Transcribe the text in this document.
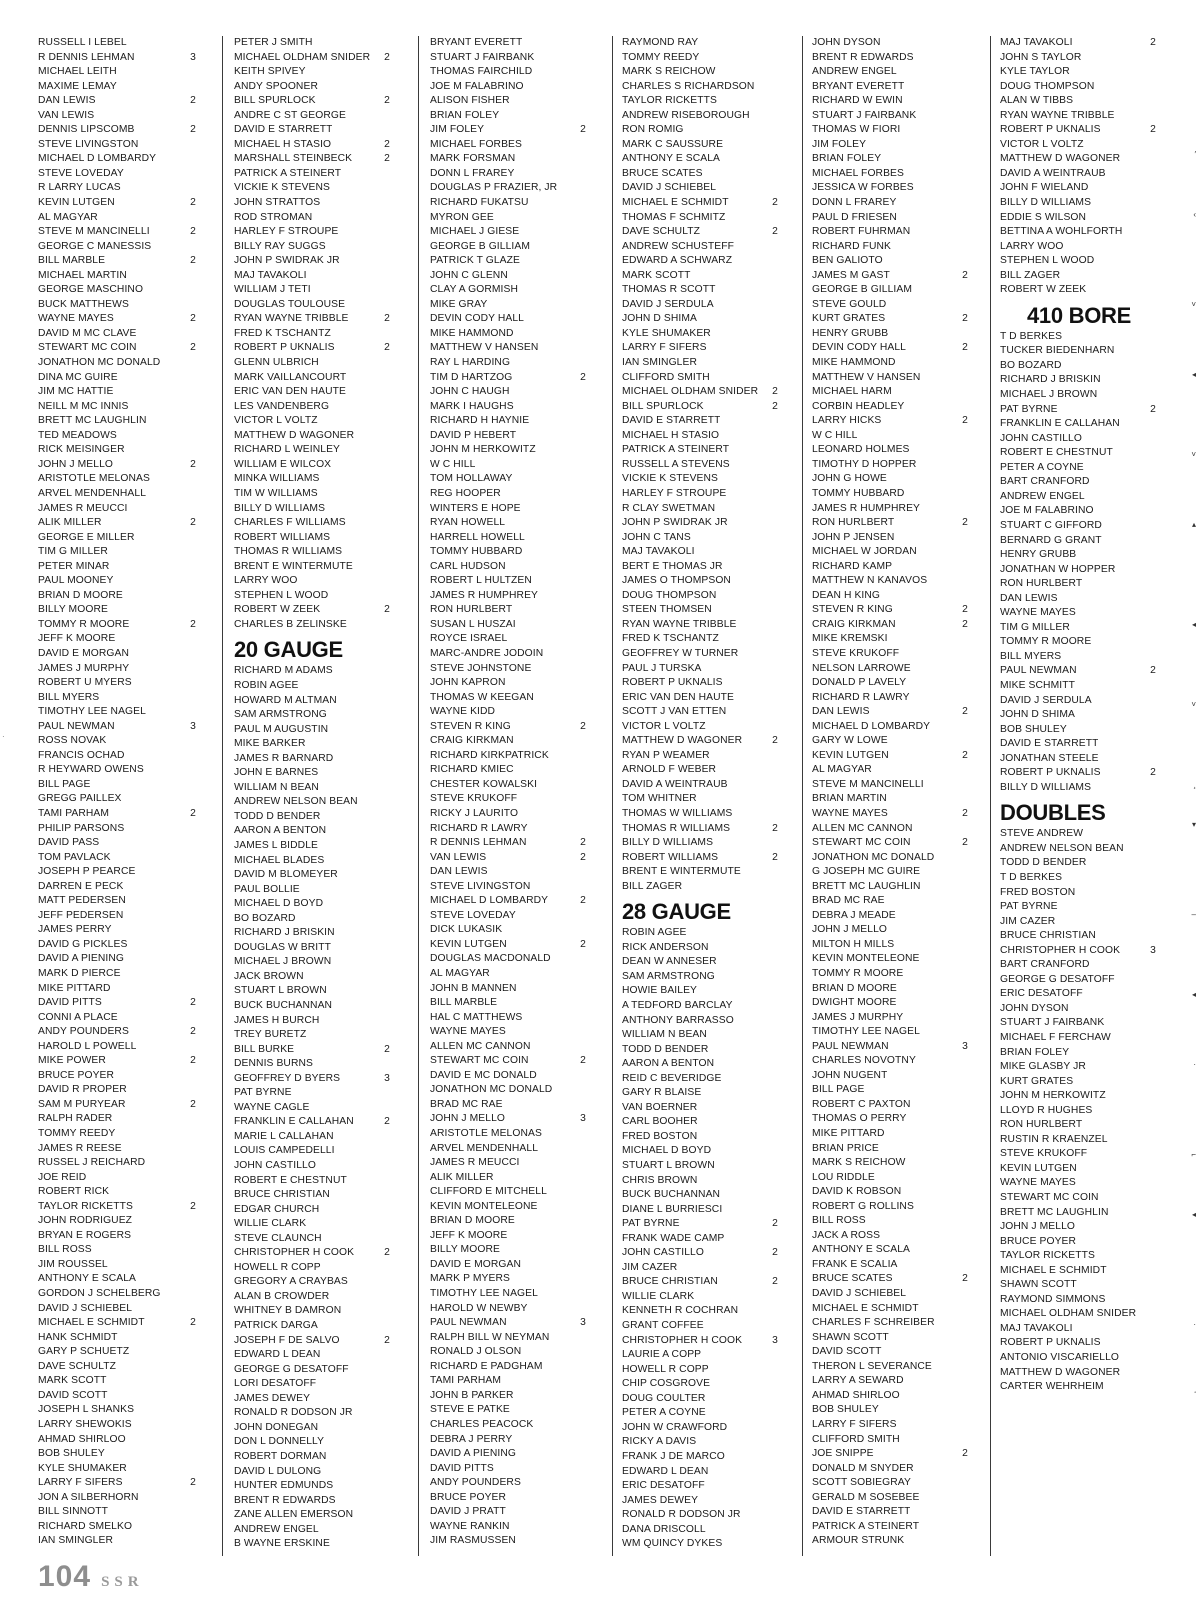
RUSSELL I LEBEL
R DENNIS LEHMAN	3
MICHAEL LEITH
MAXIME LEMAY
DAN LEWIS	2
VAN LEWIS
DENNIS LIPSCOMB	2
STEVE LIVINGSTON
MICHAEL D LOMBARDY
STEVE LOVEDAY
R LARRY LUCAS
KEVIN LUTGEN	2
AL MAGYAR
STEVE M MANCINELLI	2
GEORGE C MANESSIS
BILL MARBLE	2
MICHAEL MARTIN
GEORGE MASCHINO
BUCK MATTHEWS
WAYNE MAYES	2
DAVID M MC CLAVE
STEWART MC COIN	2
JONATHON MC DONALD
DINA MC GUIRE
JIM MC HATTIE
NEILL M MC INNIS
BRETT MC LAUGHLIN
TED MEADOWS
RICK MEISINGER
JOHN J MELLO	2
ARISTOTLE MELONAS
ARVEL MENDENHALL
JAMES R MEUCCI
ALIK MILLER	2
GEORGE E MILLER
TIM G MILLER
PETER MINAR
PAUL MOONEY
BRIAN D MOORE
BILLY MOORE
TOMMY R MOORE	2
JEFF K MOORE
DAVID E MORGAN
JAMES J MURPHY
ROBERT U MYERS
BILL MYERS
TIMOTHY LEE NAGEL
PAUL NEWMAN	3
ROSS NOVAK
FRANCIS OCHAD
R HEYWARD OWENS
BILL PAGE
GREGG PAILLEX
TAMI PARHAM	2
PHILIP PARSONS
DAVID PASS
TOM PAVLACK
JOSEPH P PEARCE
DARREN E PECK
MATT PEDERSEN
JEFF PEDERSEN
JAMES PERRY
DAVID G PICKLES
DAVID A PIENING
MARK D PIERCE
MIKE PITTARD
DAVID PITTS	2
CONNI A PLACE
ANDY POUNDERS	2
HAROLD L POWELL
MIKE POWER	2
BRUCE POYER
DAVID R PROPER
SAM M PURYEAR	2
RALPH RADER
TOMMY REEDY
JAMES R REESE
RUSSEL J REICHARD
JOE REID
ROBERT RICK
TAYLOR RICKETTS	2
JOHN RODRIGUEZ
BRYAN E ROGERS
BILL ROSS
JIM ROUSSEL
ANTHONY E SCALA
GORDON J SCHELBERG
DAVID J SCHIEBEL
MICHAEL E SCHMIDT	2
HANK SCHMIDT
GARY P SCHUETZ
DAVE SCHULTZ
MARK SCOTT
DAVID SCOTT
JOSEPH L SHANKS
LARRY SHEWOKIS
AHMAD SHIRLOO
BOB SHULEY
KYLE SHUMAKER
LARRY F SIFERS	2
JON A SILBERHORN
BILL SINNOTT
RICHARD SMELKO
IAN SMINGLER
PETER J SMITH
MICHAEL OLDHAM SNIDER	2
KEITH SPIVEY
ANDY SPOONER
BILL SPURLOCK	2
ANDRE C ST GEORGE
DAVID E STARRETT
MICHAEL H STASIO	2
MARSHALL STEINBECK	2
PATRICK A STEINERT
VICKIE K STEVENS
JOHN STRATTOS
ROD STROMAN
HARLEY F STROUPE
BILLY RAY SUGGS
JOHN P SWIDRAK JR
MAJ TAVAKOLI
WILLIAM J TETI
DOUGLAS TOULOUSE
RYAN WAYNE TRIBBLE	2
FRED K TSCHANTZ
ROBERT P UKNALIS	2
GLENN ULBRICH
MARK VAILLANCOURT
ERIC VAN DEN HAUTE
LES VANDENBERG
VICTOR L VOLTZ
MATTHEW D WAGONER
RICHARD L WEINLEY
WILLIAM E WILCOX
MINKA WILLIAMS
TIM W WILLIAMS
BILLY D WILLIAMS
CHARLES F WILLIAMS
ROBERT WILLIAMS
THOMAS R WILLIAMS
BRENT E WINTERMUTE
LARRY WOO
STEPHEN L WOOD
ROBERT W ZEEK	2
CHARLES B ZELINSKE
20 GAUGE
RICHARD M ADAMS
ROBIN AGEE
HOWARD M ALTMAN
SAM ARMSTRONG
PAUL M AUGUSTIN
MIKE BARKER
JAMES R BARNARD
JOHN E BARNES
WILLIAM N BEAN
ANDREW NELSON BEAN
TODD D BENDER
AARON A BENTON
JAMES L BIDDLE
MICHAEL BLADES
DAVID M BLOMEYER
PAUL BOLLIE
MICHAEL D BOYD
BO BOZARD
RICHARD J BRISKIN
DOUGLAS W BRITT
MICHAEL J BROWN
JACK BROWN
STUART L BROWN
BUCK BUCHANNAN
JAMES H BURCH
TREY BURETZ
BILL BURKE	2
DENNIS BURNS
GEOFFREY D BYERS	3
PAT BYRNE
WAYNE CAGLE
FRANKLIN E CALLAHAN	2
MARIE L CALLAHAN
LOUIS CAMPEDELLI
JOHN CASTILLO
ROBERT E CHESTNUT
BRUCE CHRISTIAN
EDGAR CHURCH
WILLIE CLARK
STEVE CLAUNCH
CHRISTOPHER H COOK	2
HOWELL R COPP
GREGORY A CRAYBAS
ALAN B CROWDER
WHITNEY B DAMRON
PATRICK DARGA
JOSEPH F DE SALVO	2
EDWARD L DEAN
GEORGE G DESATOFF
LORI DESATOFF
JAMES DEWEY
RONALD R DODSON JR
JOHN DONEGAN
DON L DONNELLY
ROBERT DORMAN
DAVID L DULONG
HUNTER EDMUNDS
BRENT R EDWARDS
ZANE ALLEN EMERSON
ANDREW ENGEL
B WAYNE ERSKINE
BRYANT EVERETT
STUART J FAIRBANK
THOMAS FAIRCHILD
JOE M FALABRINO
ALISON FISHER
BRIAN FOLEY
JIM FOLEY	2
MICHAEL FORBES
MARK FORSMAN
DONN L FRAREY
DOUGLAS P FRAZIER, JR
RICHARD FUKATSU
MYRON GEE
MICHAEL J GIESE
GEORGE B GILLIAM
PATRICK T GLAZE
JOHN C GLENN
CLAY A GORMISH
MIKE GRAY
DEVIN CODY HALL
MIKE HAMMOND
MATTHEW V HANSEN
RAY L HARDING
TIM D HARTZOG	2
JOHN C HAUGH
MARK I HAUGHS
RICHARD H HAYNIE
DAVID P HEBERT
JOHN M HERKOWITZ
W C HILL
TOM HOLLAWAY
REG HOOPER
WINTERS E HOPE
RYAN HOWELL
HARRELL HOWELL
TOMMY HUBBARD
CARL HUDSON
ROBERT L HULTZEN
JAMES R HUMPHREY
RON HURLBERT
SUSAN L HUSZAI
ROYCE ISRAEL
MARC-ANDRE JODOIN
STEVE JOHNSTONE
JOHN KAPRON
THOMAS W KEEGAN
WAYNE KIDD
STEVEN R KING	2
CRAIG KIRKMAN
RICHARD KIRKPATRICK
RICHARD KMIEC
CHESTER KOWALSKI
STEVE KRUKOFF
RICKY J LAURITO
RICHARD R LAWRY
R DENNIS LEHMAN	2
VAN LEWIS	2
DAN LEWIS
STEVE LIVINGSTON
MICHAEL D LOMBARDY	2
STEVE LOVEDAY
DICK LUKASIK
KEVIN LUTGEN	2
DOUGLAS MACDONALD
AL MAGYAR
JOHN B MANNEN
BILL MARBLE
HAL C MATTHEWS
WAYNE MAYES
ALLEN MC CANNON
STEWART MC COIN	2
DAVID E MC DONALD
JONATHON MC DONALD
BRAD MC RAE
JOHN J MELLO	3
ARISTOTLE MELONAS
ARVEL MENDENHALL
JAMES R MEUCCI
ALIK MILLER
CLIFFORD E MITCHELL
KEVIN MONTELEONE
BRIAN D MOORE
JEFF K MOORE
BILLY MOORE
DAVID E MORGAN
MARK P MYERS
TIMOTHY LEE NAGEL
HAROLD W NEWBY
PAUL NEWMAN	3
RALPH BILL W NEYMAN
RONALD J OLSON
RICHARD E PADGHAM
TAMI PARHAM
JOHN B PARKER
STEVE E PATKE
CHARLES PEACOCK
DEBRA J PERRY
DAVID A PIENING
DAVID PITTS
ANDY POUNDERS
BRUCE POYER
DAVID J PRATT
WAYNE RANKIN
JIM RASMUSSEN
RAYMOND RAY
TOMMY REEDY
MARK S REICHOW
CHARLES S RICHARDSON
TAYLOR RICKETTS
ANDREW RISEBOROUGH
RON ROMIG
MARK C SAUSSURE
ANTHONY E SCALA
BRUCE SCATES
DAVID J SCHIEBEL
MICHAEL E SCHMIDT	2
THOMAS F SCHMITZ
DAVE SCHULTZ	2
ANDREW SCHUSTEFF
EDWARD A SCHWARZ
MARK SCOTT
THOMAS R SCOTT
DAVID J SERDULA
JOHN D SHIMA
KYLE SHUMAKER
LARRY F SIFERS
IAN SMINGLER
CLIFFORD SMITH
MICHAEL OLDHAM SNIDER	2
BILL SPURLOCK	2
DAVID E STARRETT
MICHAEL H STASIO
PATRICK A STEINERT
RUSSELL A STEVENS
VICKIE K STEVENS
HARLEY F STROUPE
R CLAY SWETMAN
JOHN P SWIDRAK JR
JOHN C TANS
MAJ TAVAKOLI
BERT E THOMAS JR
JAMES O THOMPSON
DOUG THOMPSON
STEEN THOMSEN
RYAN WAYNE TRIBBLE
FRED K TSCHANTZ
GEOFFREY W TURNER
PAUL J TURSKA
ROBERT P UKNALIS
ERIC VAN DEN HAUTE
SCOTT J VAN ETTEN
VICTOR L VOLTZ
MATTHEW D WAGONER	2
RYAN P WEAMER
ARNOLD F WEBER
DAVID A WEINTRAUB
TOM WHITNER
THOMAS W WILLIAMS
THOMAS R WILLIAMS	2
BILLY D WILLIAMS
ROBERT WILLIAMS	2
BRENT E WINTERMUTE
BILL ZAGER
28 GAUGE
ROBIN AGEE
RICK ANDERSON
DEAN W ANNESER
SAM ARMSTRONG
HOWIE BAILEY
A TEDFORD BARCLAY
ANTHONY BARRASSO
WILLIAM N BEAN
TODD D BENDER
AARON A BENTON
REID C BEVERIDGE
GARY R BLAISE
VAN BOERNER
CARL BOOHER
FRED BOSTON
MICHAEL D BOYD
STUART L BROWN
CHRIS BROWN
BUCK BUCHANNAN
DIANE L BURRIESCI
PAT BYRNE	2
FRANK WADE CAMP
JOHN CASTILLO	2
JIM CAZER
BRUCE CHRISTIAN	2
WILLIE CLARK
KENNETH R COCHRAN
GRANT COFFEE
CHRISTOPHER H COOK	3
LAURIE A COPP
HOWELL R COPP
CHIP COSGROVE
DOUG COULTER
PETER A COYNE
JOHN W CRAWFORD
RICKY A DAVIS
FRANK J DE MARCO
EDWARD L DEAN
ERIC DESATOFF
JAMES DEWEY
RONALD R DODSON JR
DANA DRISCOLL
WM QUINCY DYKES
JOHN DYSON
BRENT R EDWARDS
ANDREW ENGEL
BRYANT EVERETT
RICHARD W EWIN
STUART J FAIRBANK
THOMAS W FIORI
JIM FOLEY
BRIAN FOLEY
MICHAEL FORBES
JESSICA W FORBES
DONN L FRAREY
PAUL D FRIESEN
ROBERT FUHRMAN
RICHARD FUNK
BEN GALIOTO
JAMES M GAST	2
GEORGE B GILLIAM
STEVE GOULD
KURT GRATES	2
HENRY GRUBB
DEVIN CODY HALL	2
MIKE HAMMOND
MATTHEW V HANSEN
MICHAEL HARM
CORBIN HEADLEY
LARRY HICKS	2
W C HILL
LEONARD HOLMES
TIMOTHY D HOPPER
JOHN G HOWE
TOMMY HUBBARD
JAMES R HUMPHREY
RON HURLBERT	2
JOHN P JENSEN
MICHAEL W JORDAN
RICHARD KAMP
MATTHEW N KANAVOS
DEAN H KING
STEVEN R KING	2
CRAIG KIRKMAN	2
MIKE KREMSKI
STEVE KRUKOFF
NELSON LARROWE
DONALD P LAVELY
RICHARD R LAWRY
DAN LEWIS	2
MICHAEL D LOMBARDY
GARY W LOWE
KEVIN LUTGEN	2
AL MAGYAR
STEVE M MANCINELLI
BRIAN MARTIN
WAYNE MAYES	2
ALLEN MC CANNON
STEWART MC COIN	2
JONATHON MC DONALD
G JOSEPH MC GUIRE
BRETT MC LAUGHLIN
BRAD MC RAE
DEBRA J MEADE
JOHN J MELLO
MILTON H MILLS
KEVIN MONTELEONE
TOMMY R MOORE
BRIAN D MOORE
DWIGHT MOORE
JAMES J MURPHY
TIMOTHY LEE NAGEL
PAUL NEWMAN	3
CHARLES NOVOTNY
JOHN NUGENT
BILL PAGE
ROBERT C PAXTON
THOMAS O PERRY
MIKE PITTARD
BRIAN PRICE
MARK S REICHOW
LOU RIDDLE
DAVID K ROBSON
ROBERT G ROLLINS
BILL ROSS
JACK A ROSS
ANTHONY E SCALA
FRANK E SCALIA
BRUCE SCATES	2
DAVID J SCHIEBEL
MICHAEL E SCHMIDT
CHARLES F SCHREIBER
SHAWN SCOTT
DAVID SCOTT
THERON L SEVERANCE
LARRY A SEWARD
AHMAD SHIRLOO
BOB SHULEY
LARRY F SIFERS
CLIFFORD SMITH
JOE SNIPPE	2
DONALD M SNYDER
SCOTT SOBIEGRAY
GERALD M SOSEBEE
DAVID E STARRETT
PATRICK A STEINERT
ARMOUR STRUNK
MAJ TAVAKOLI	2
JOHN S TAYLOR
KYLE TAYLOR
DOUG THOMPSON
ALAN W TIBBS
RYAN WAYNE TRIBBLE
ROBERT P UKNALIS	2
VICTOR L VOLTZ
MATTHEW D WAGONER
DAVID A WEINTRAUB
JOHN F WIELAND
BILLY D WILLIAMS
EDDIE S WILSON
BETTINA A WOHLFORTH
LARRY WOO
STEPHEN L WOOD
BILL ZAGER
ROBERT W ZEEK
410 BORE
T D BERKES
TUCKER BIEDENHARN
BO BOZARD
RICHARD J BRISKIN
MICHAEL J BROWN
PAT BYRNE	2
FRANKLIN E CALLAHAN
JOHN CASTILLO
ROBERT E CHESTNUT
PETER A COYNE
BART CRANFORD
ANDREW ENGEL
JOE M FALABRINO
STUART C GIFFORD
BERNARD G GRANT
HENRY GRUBB
JONATHAN W HOPPER
RON HURLBERT
DAN LEWIS
WAYNE MAYES
TIM G MILLER
TOMMY R MOORE
BILL MYERS
PAUL NEWMAN	2
MIKE SCHMITT
DAVID J SERDULA
JOHN D SHIMA
BOB SHULEY
DAVID E STARRETT
JONATHAN STEELE
ROBERT P UKNALIS	2
BILLY D WILLIAMS
DOUBLES
STEVE ANDREW
ANDREW NELSON BEAN
TODD D BENDER
T D BERKES
FRED BOSTON
PAT BYRNE
JIM CAZER
BRUCE CHRISTIAN
CHRISTOPHER H COOK	3
BART CRANFORD
GEORGE G DESATOFF
ERIC DESATOFF
JOHN DYSON
STUART J FAIRBANK
MICHAEL F FERCHAW
BRIAN FOLEY
MIKE GLASBY JR
KURT GRATES
JOHN M HERKOWITZ
LLOYD R HUGHES
RON HURLBERT
RUSTIN R KRAENZEL
STEVE KRUKOFF
KEVIN LUTGEN
WAYNE MAYES
STEWART MC COIN
BRETT MC LAUGHLIN
JOHN J MELLO
BRUCE POYER
TAYLOR RICKETTS
MICHAEL E SCHMIDT
SHAWN SCOTT
RAYMOND SIMMONS
MICHAEL OLDHAM SNIDER
MAJ TAVAKOLI
ROBERT P UKNALIS
ANTONIO VISCARIELLO
MATTHEW D WAGONER
CARTER WEHRHEIM
104 SSR
′
‹
˅
◂
˅
▴
◂
˅
¸
▾
–
◂
·
⌐
◂
·
ʻ
·
